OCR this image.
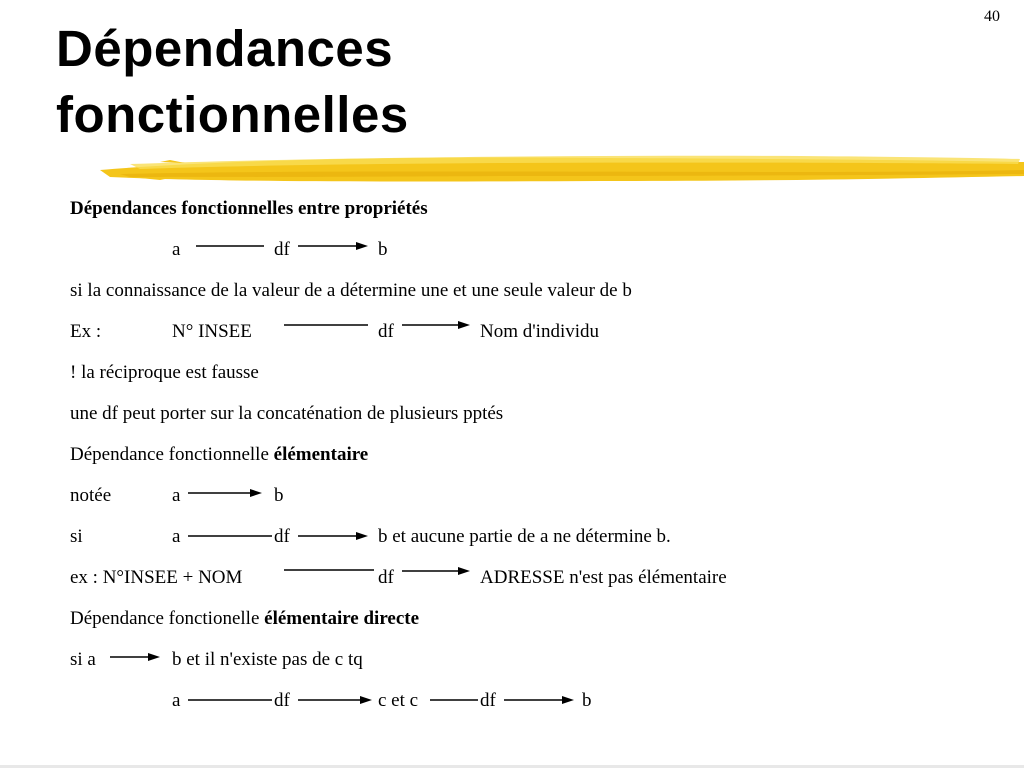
40
Dépendances
fonctionnelles
Dépendances fonctionnelles entre propriétés
a	df	b
si la connaissance de la valeur de a détermine une et une seule valeur de b
Ex :	N° INSEE	df	Nom d'individu
! la réciproque est fausse
une df peut porter sur la concaténation de plusieurs pptés
Dépendance fonctionnelle élémentaire
notée	a	b
si	a	df	b et aucune partie de a ne détermine b.
ex : N°INSEE + NOM	df	ADRESSE n'est pas élémentaire
Dépendance fonctionelle élémentaire directe
si a	b et il n'existe pas de c tq
a	df	c et c	df	b
